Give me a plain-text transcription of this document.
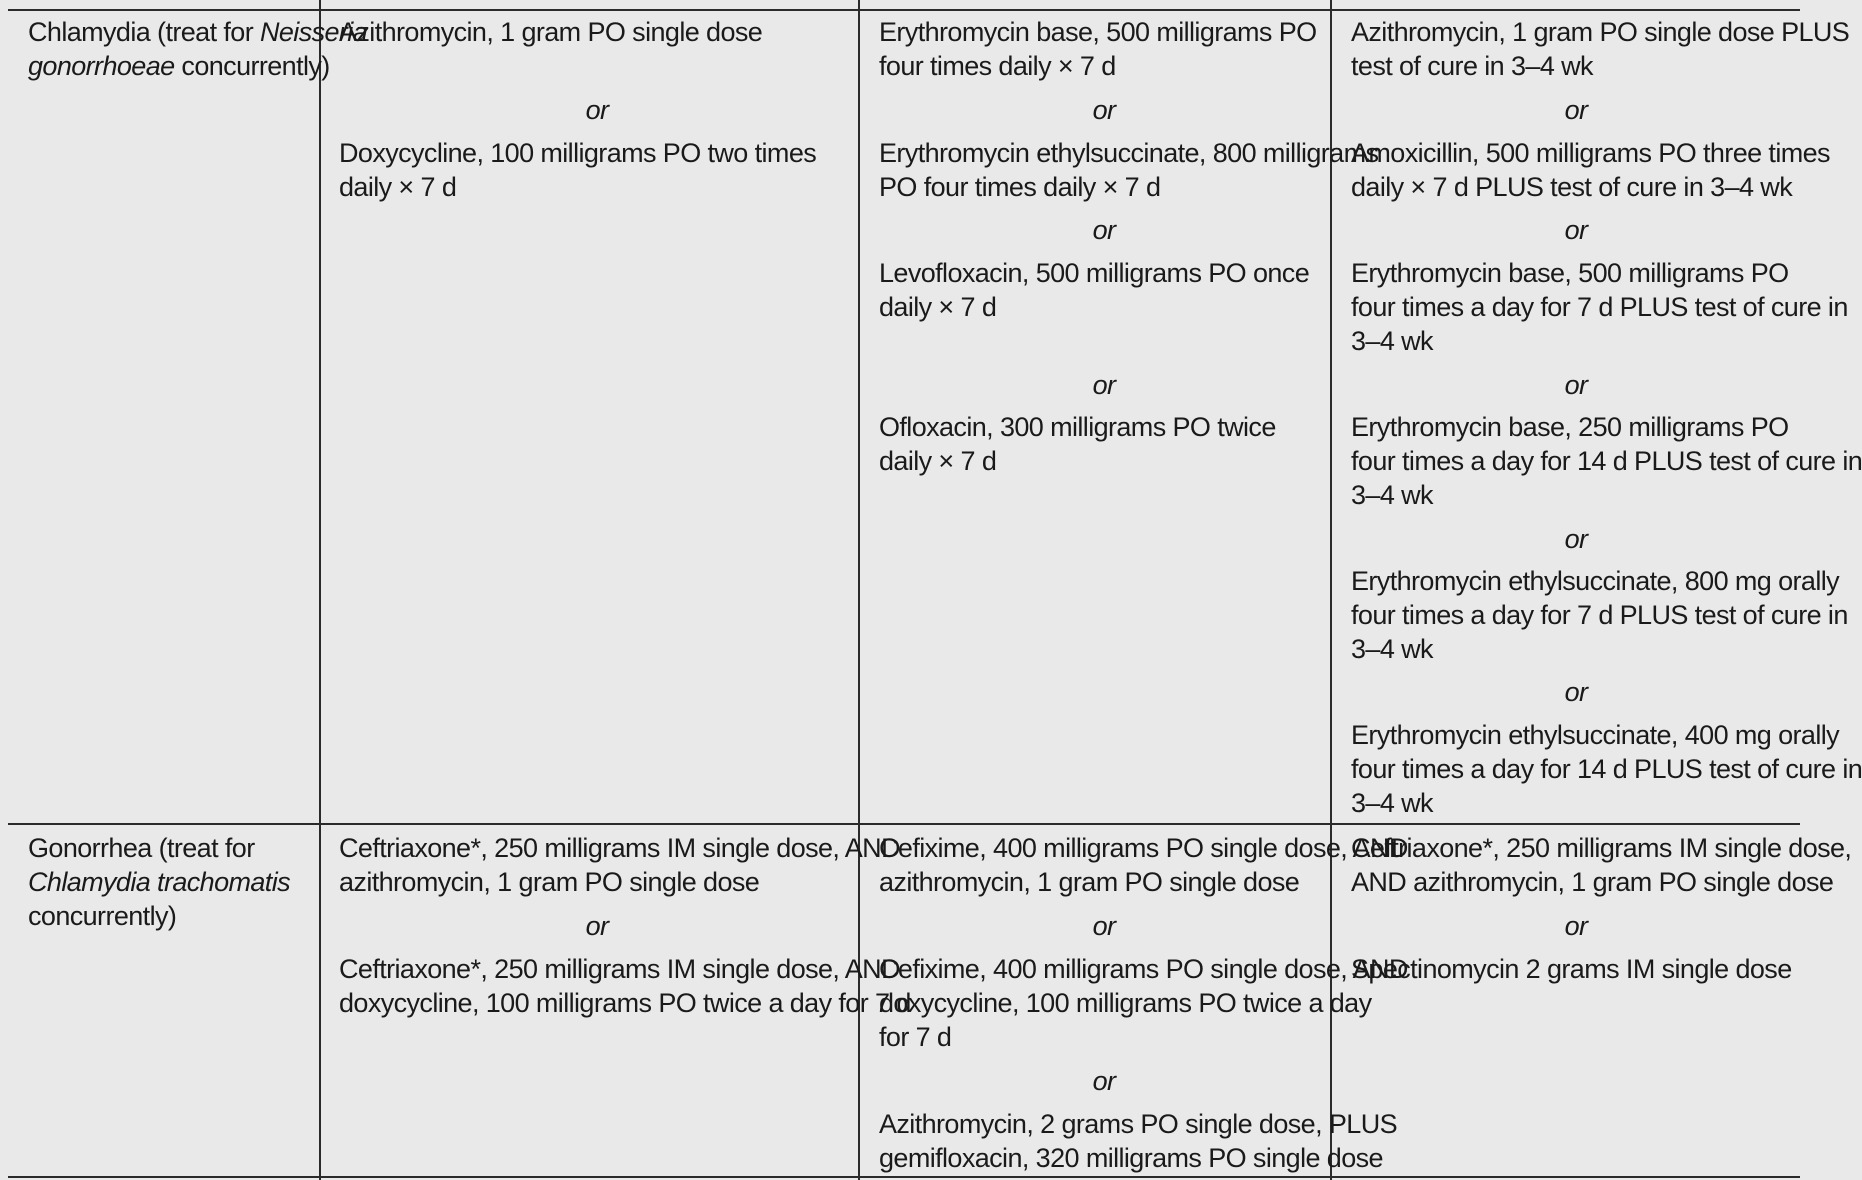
Chlamydia (treat for Neisseria
gonorrhoeae concurrently)
Azithromycin, 1 gram PO single dose
or
Doxycycline, 100 milligrams PO two times
daily × 7 d
Erythromycin base, 500 milligrams PO
four times daily × 7 d
or
Erythromycin ethylsuccinate, 800 milligrams
PO four times daily × 7 d
or
Levofloxacin, 500 milligrams PO once
daily × 7 d
or
Ofloxacin, 300 milligrams PO twice
daily × 7 d
Azithromycin, 1 gram PO single dose PLUS
test of cure in 3–4 wk
or
Amoxicillin, 500 milligrams PO three times
daily × 7 d PLUS test of cure in 3–4 wk
or
Erythromycin base, 500 milligrams PO
four times a day for 7 d PLUS test of cure in
3–4 wk
or
Erythromycin base, 250 milligrams PO
four times a day for 14 d PLUS test of cure in
3–4 wk
or
Erythromycin ethylsuccinate, 800 mg orally
four times a day for 7 d PLUS test of cure in
3–4 wk
or
Erythromycin ethylsuccinate, 400 mg orally
four times a day for 14 d PLUS test of cure in
3–4 wk
Gonorrhea (treat for
Chlamydia trachomatis
concurrently)
Ceftriaxone*, 250 milligrams IM single dose, AND
azithromycin, 1 gram PO single dose
or
Ceftriaxone*, 250 milligrams IM single dose, AND
doxycycline, 100 milligrams PO twice a day for 7 d
Cefixime, 400 milligrams PO single dose, AND
azithromycin, 1 gram PO single dose
or
Cefixime, 400 milligrams PO single dose, AND
doxycycline, 100 milligrams PO twice a day
for 7 d
or
Azithromycin, 2 grams PO single dose, PLUS
gemifloxacin, 320 milligrams PO single dose
Ceftriaxone*, 250 milligrams IM single dose,
AND azithromycin, 1 gram PO single dose
or
Spectinomycin 2 grams IM single dose
